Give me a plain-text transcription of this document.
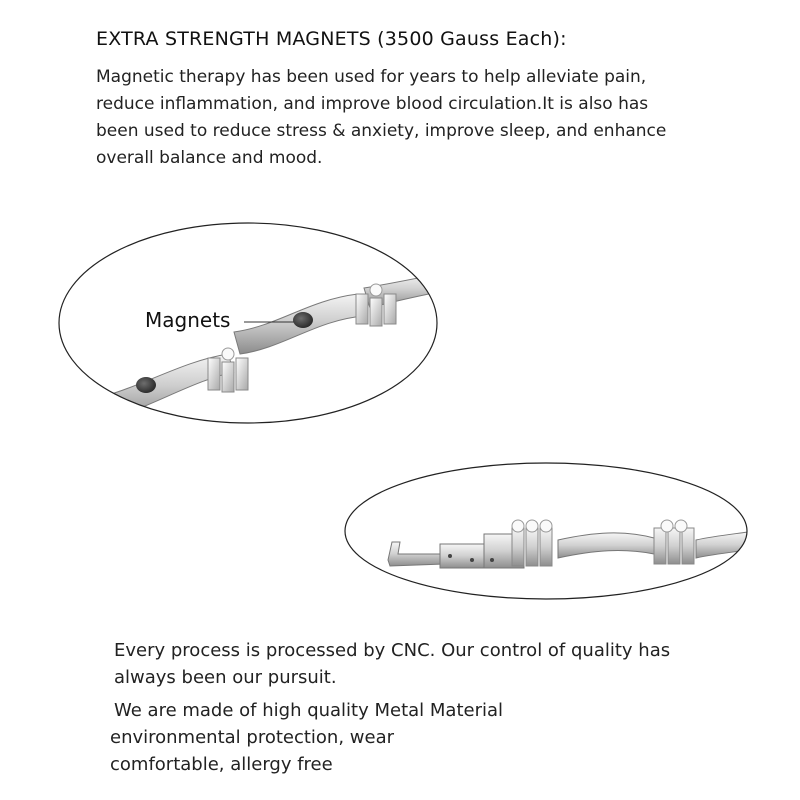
EXTRA STRENGTH MAGNETS (3500 Gauss Each):
Magnetic therapy has been used for years to help alleviate pain,
reduce inflammation, and improve blood circulation.It is also has
been used to reduce stress & anxiety, improve sleep, and enhance
overall balance and mood.
Magnets
Every process is processed by CNC. Our control of quality has
always been our pursuit.
We are made of high quality Metal Material
environmental protection, wear
comfortable, allergy free
